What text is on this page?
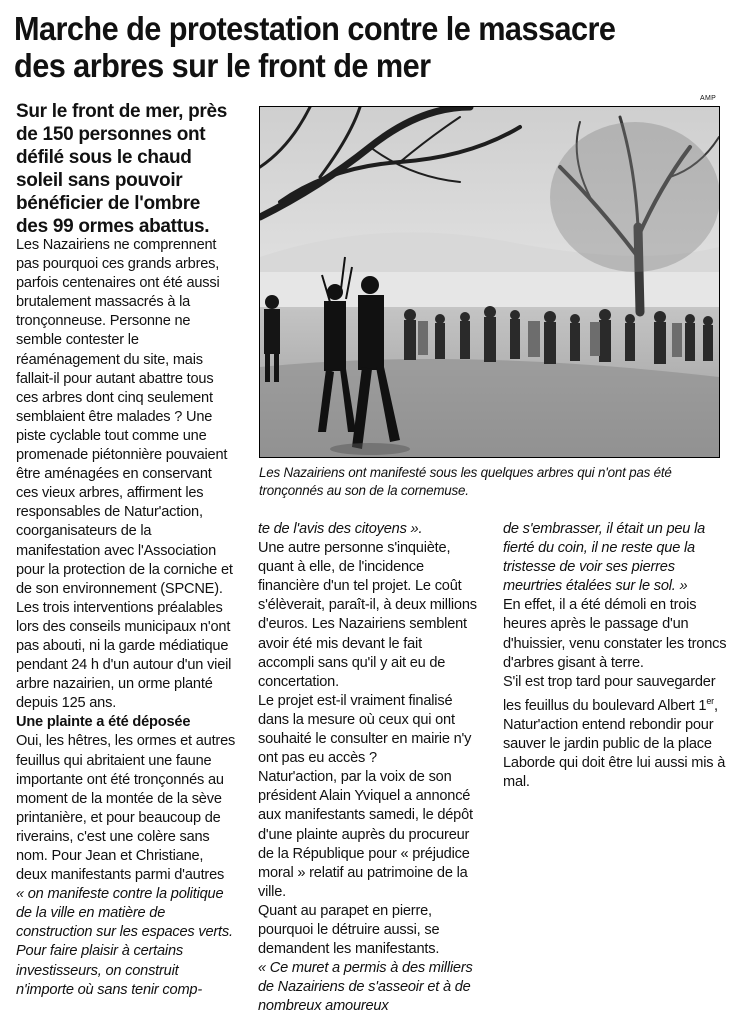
Marche de protestation contre le massacre
des arbres sur le front de mer
Sur le front de mer, près de 150 personnes ont défilé sous le chaud soleil sans pouvoir bénéficier de l'ombre des 99 ormes abattus.
AMP
Les Nazairiens ont manifesté sous les quelques arbres qui n'ont pas été tronçonnés au son de la cornemuse.

Les Nazairiens ne comprennent pas pourquoi ces grands arbres, parfois centenaires ont été aussi brutalement massacrés à la tronçonneuse. Personne ne semble contester le réaménagement du site, mais fallait-il pour autant abattre tous ces arbres dont cinq seulement semblaient être malades ? Une piste cyclable tout comme une promenade piétonnière pouvaient être aménagées en conservant ces vieux arbres, affirment les responsables de Natur'action, coorganisateurs de la manifestation avec l'Association pour la protection de la corniche et de son environnement (SPCNE).

Les trois interventions préalables lors des conseils municipaux n'ont pas abouti, ni la garde médiatique pendant 24 h d'un autour d'un vieil arbre nazairien, un orme planté depuis 125 ans.

Une plainte a été déposée

Oui, les hêtres, les ormes et autres feuillus qui abritaient une faune importante ont été tronçonnés au moment de la montée de la sève printanière, et pour beaucoup de riverains, c'est une colère sans nom. Pour Jean et Christiane, deux manifestants parmi d'autres

« on manifeste contre la politique de la ville en matière de construction sur les espaces verts. Pour faire plaisir à certains investisseurs, on construit n'importe où sans tenir comp-

te de l'avis des citoyens ».

Une autre personne s'inquiète, quant à elle, de l'incidence financière d'un tel projet. Le coût s'élèverait, paraît-il, à deux millions d'euros. Les Nazairiens semblent avoir été mis devant le fait accompli sans qu'il y ait eu de concertation.

Le projet est-il vraiment finalisé dans la mesure où ceux qui ont souhaité le consulter en mairie n'y ont pas eu accès ?

Natur'action, par la voix de son président Alain Yviquel a annoncé aux manifestants samedi, le dépôt d'une plainte auprès du procureur de la République pour « préjudice moral » relatif au patrimoine de la ville.

Quant au parapet en pierre, pourquoi le détruire aussi, se demandent les manifestants.

« Ce muret a permis à des milliers de Nazairiens de s'asseoir et à de nombreux amoureux

de s'embrasser, il était un peu la fierté du coin, il ne reste que la tristesse de voir ses pierres meurtries étalées sur le sol. »

En effet, il a été démoli en trois heures après le passage d'un d'huissier, venu constater les troncs d'arbres gisant à terre.

S'il est trop tard pour sauvegarder les feuillus du boulevard Albert 1er, Natur'action entend rebondir pour sauver le jardin public de la place Laborde qui doit être lui aussi mis à mal.
